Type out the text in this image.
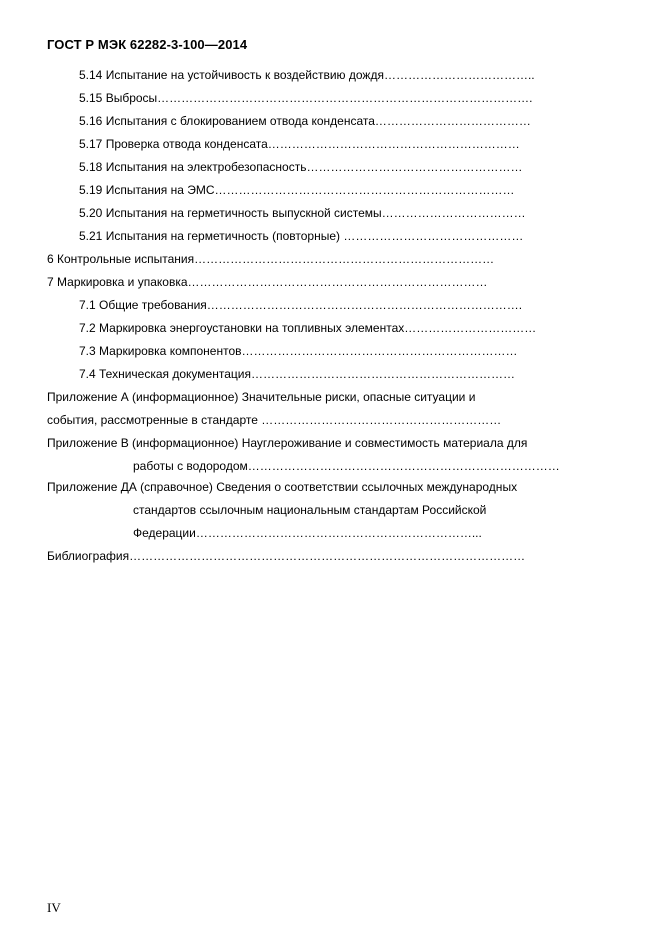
ГОСТ Р МЭК 62282-3-100—2014
5.14 Испытание на устойчивость к воздействию дождя………………………………..
5.15 Выбросы………………………………………………………………………………….
5.16 Испытания с блокированием отвода конденсата…………………………………
5.17 Проверка отвода конденсата………………………………………………………
5.18 Испытания на электробезопасность………………………………………………
5.19 Испытания на ЭМС…………………………………………………………………
5.20 Испытания на герметичность выпускной системы………………………………
5.21 Испытания на герметичность (повторные) ………………………………………
6 Контрольные испытания…………………………………………………………………
7 Маркировка и упаковка…………………………………………………………………
7.1 Общие требования…………………………………………………………………….
7.2 Маркировка энергоустановки на топливных элементах……………………………
7.3 Маркировка компонентов……………………………………………………………
7.4 Техническая документация…………………………………………………………
Приложение А (информационное) Значительные риски, опасные ситуации и
события, рассмотренные в стандарте ……………………………………………………
Приложение В (информационное) Науглероживание и совместимость материала для
работы с водородом……………………………………………………………………
Приложение ДА (справочное) Сведения о соответствии ссылочных международных
стандартов ссылочным национальным стандартам Российской
Федерации……………………………………………………………...
Библиография………………………………………………………………………………………
IV
